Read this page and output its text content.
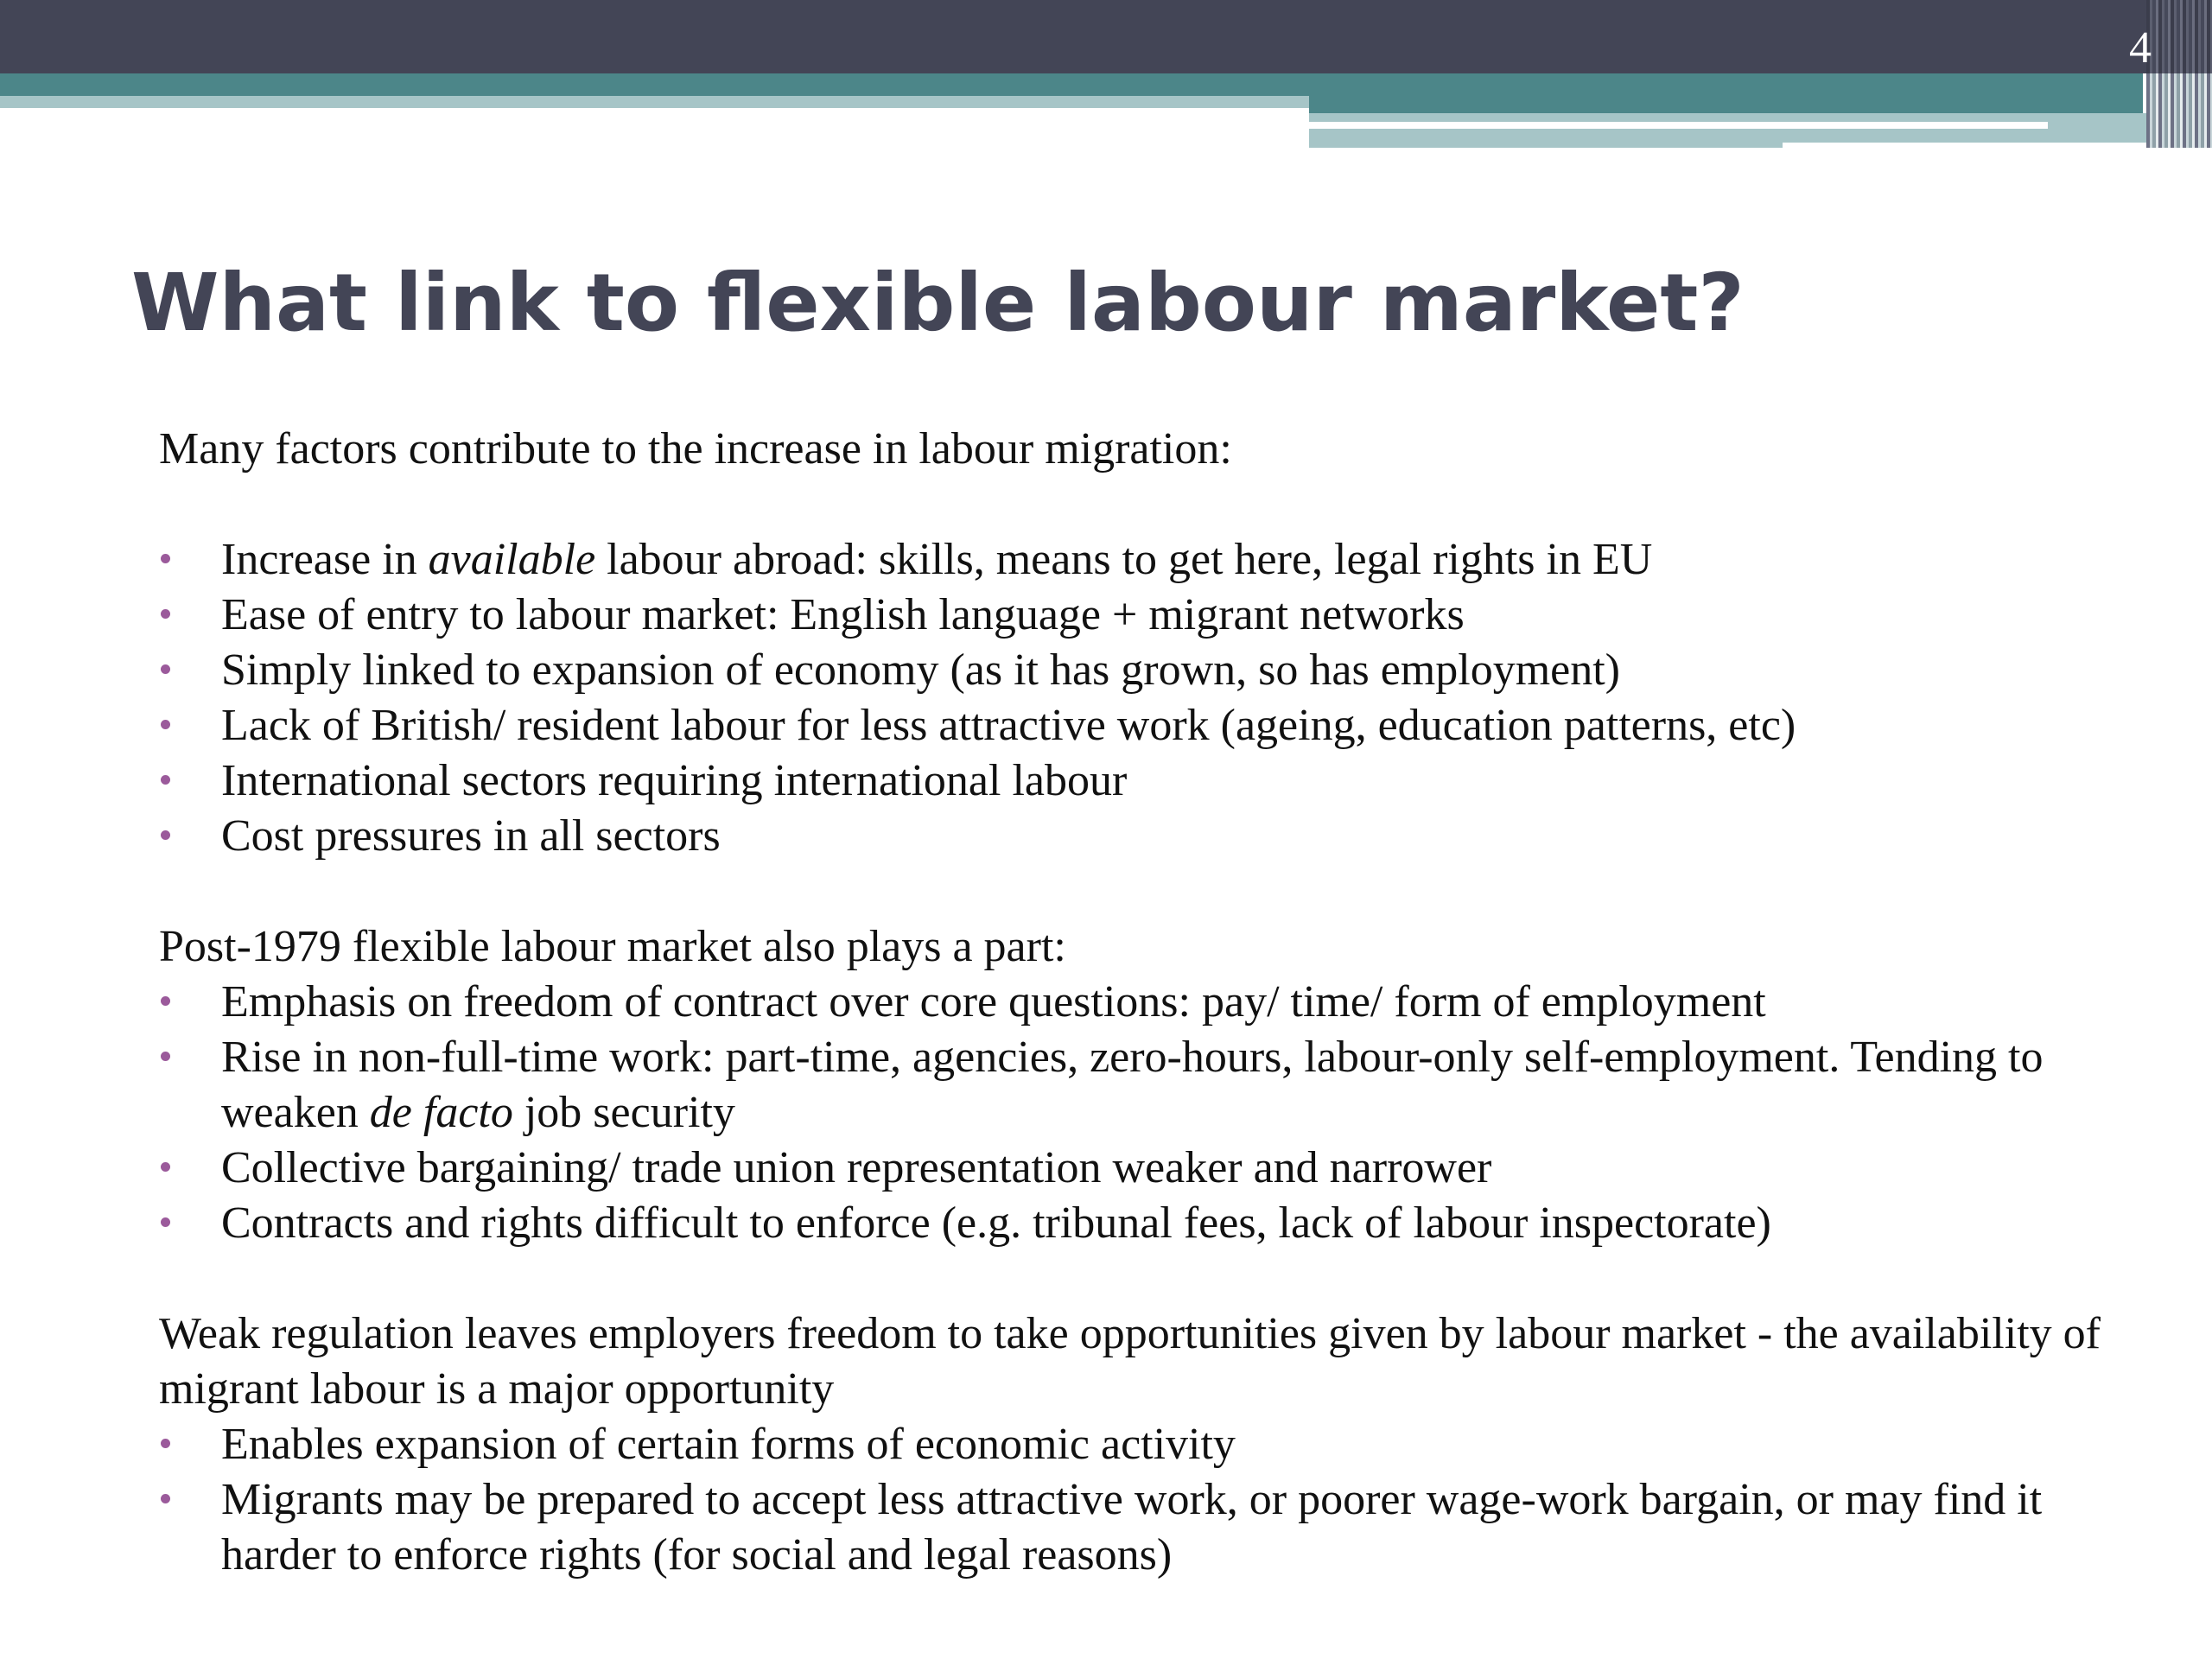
4
What link to flexible labour market?

Many factors contribute to the increase in labour migration:

Increase in available labour abroad: skills, means to get here, legal rights in EU
Ease of entry to labour market: English language + migrant networks
Simply linked to expansion of economy (as it has grown, so has employment)
Lack of British/ resident labour for less attractive work (ageing, education patterns, etc)
International sectors requiring international labour
Cost pressures in all sectors

Post-1979 flexible labour market also plays a part:

Emphasis on freedom of contract over core questions: pay/ time/ form of employment
Rise in non-full-time work: part-time, agencies, zero-hours, labour-only self-employment. Tending to weaken de facto job security
Collective bargaining/ trade union representation weaker and narrower
Contracts and rights difficult to enforce (e.g. tribunal fees, lack of labour inspectorate)

Weak regulation leaves employers freedom to take opportunities given by labour market - the availability of migrant labour is a major opportunity

Enables expansion of certain forms of economic activity
Migrants may be prepared to accept less attractive work, or poorer wage-work bargain, or may find it harder to enforce rights (for social and legal reasons)
